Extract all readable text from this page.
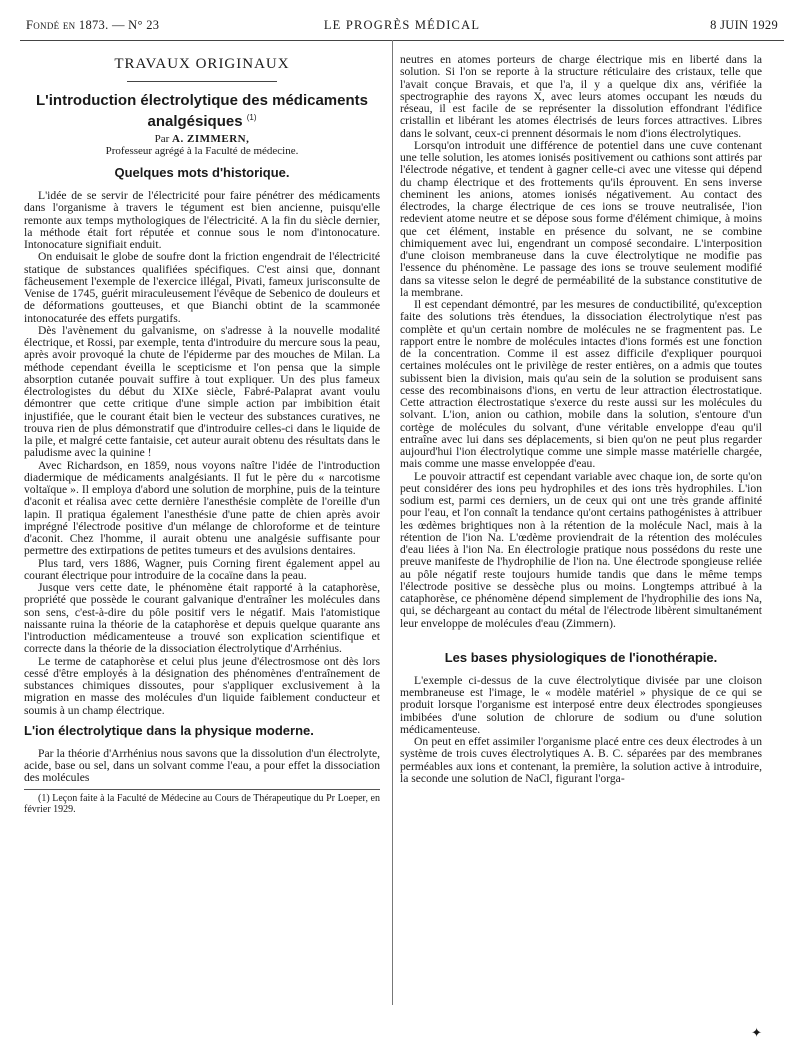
Fondé en 1873. — N° 23	LE PROGRÈS MÉDICAL	8 JUIN 1929
TRAVAUX ORIGINAUX
L'introduction électrolytique des médicaments analgésiques $^{(1)}$
Par A. ZIMMERN,
Professeur agrégé à la Faculté de médecine.
Quelques mots d'historique.

L'idée de se servir de l'électricité pour faire pénétrer des médicaments dans l'organisme à travers le tégument est bien ancienne, puisqu'elle remonte aux temps mythologiques de l'électricité. A la fin du siècle dernier, la méthode était fort réputée et connue sous le nom d'intonocature. Intonocature signifiait enduit.

On enduisait le globe de soufre dont la friction engendrait de l'électricité statique de substances qualifiées spécifiques. C'est ainsi que, donnant fâcheusement l'exemple de l'exercice illégal, Pivati, fameux jurisconsulte de Venise de 1745, guérit miraculeusement l'évêque de Sebenico de douleurs et de déformations goutteuses, et que Bianchi obtint de la scammonée intonocaturée des effets purgatifs.

Dès l'avènement du galvanisme, on s'adresse à la nouvelle modalité électrique, et Rossi, par exemple, tenta d'introduire du mercure sous la peau, après avoir provoqué la chute de l'épiderme par des mouches de Milan. La méthode cependant éveilla le scepticisme et l'on pensa que la simple absorption cutanée pouvait suffire à tout expliquer. Un des plus fameux électrologistes du début du XIXe siècle, Fabré-Palaprat avant voulu démontrer que cette critique d'une simple action par imbibition était injustifiée, que le courant était bien le vecteur des substances curatives, ne trouva rien de plus démonstratif que d'introduire celles-ci dans le liquide de la pile, et malgré cette fantaisie, cet auteur aurait obtenu des résultats dans le paludisme avec la quinine !

Avec Richardson, en 1859, nous voyons naître l'idée de l'introduction diadermique de médicaments analgésiants. Il fut le père du « narcotisme voltaïque ». Il employa d'abord une solution de morphine, puis de la teinture d'aconit et réalisa avec cette dernière l'anesthésie complète de l'oreille d'un lapin. Il pratiqua également l'anesthésie d'une patte de chien après avoir imprégné l'électrode positive d'un mélange de chloroforme et de teinture d'aconit. Chez l'homme, il aurait obtenu une analgésie suffisante pour permettre des extirpations de petites tumeurs et des avulsions dentaires.

Plus tard, vers 1886, Wagner, puis Corning firent également appel au courant électrique pour introduire de la cocaïne dans la peau.

Jusque vers cette date, le phénomène était rapporté à la cataphorèse, propriété que possède le courant galvanique d'entraîner les molécules dans son sens, c'est-à-dire du pôle positif vers le négatif. Mais l'atomistique naissante ruina la théorie de la cataphorèse et depuis quelque quarante ans l'introduction médicamenteuse a trouvé son explication scientifique et correcte dans la théorie de la dissociation électrolytique d'Arrhénius.

Le terme de cataphorèse et celui plus jeune d'électrosmose ont dès lors cessé d'être employés à la désignation des phénomènes d'entraînement de substances chimiques dissoutes, pour s'appliquer exclusivement à la migration en masse des molécules d'un liquide faiblement conducteur et soumis à un champ électrique.

L'ion électrolytique dans la physique moderne.

Par la théorie d'Arrhénius nous savons que la dissolution d'un électrolyte, acide, base ou sel, dans un solvant comme l'eau, a pour effet la dissociation des molécules

(1) Leçon faite à la Faculté de Médecine au Cours de Thérapeutique du Pr Loeper, en février 1929.

neutres en atomes porteurs de charge électrique mis en liberté dans la solution. Si l'on se reporte à la structure réticulaire des cristaux, telle que l'avait conçue Bravais, et que l'a, il y a quelque dix ans, vérifiée la spectrographie des rayons X, avec leurs atomes occupant les nœuds du réseau, il est facile de se représenter la dissolution effondrant l'édifice cristallin et libérant les atomes électrisés de leurs forces attractives. Libres dans le solvant, ceux-ci prennent désormais le nom d'ions électrolytiques.

Lorsqu'on introduit une différence de potentiel dans une cuve contenant une telle solution, les atomes ionisés positivement ou cathions sont attirés par l'électrode négative, et tendent à gagner celle-ci avec une vitesse qui dépend du champ électrique et des frottements qu'ils éprouvent. En sens inverse cheminent les anions, atomes ionisés négativement. Au contact des électrodes, la charge électrique de ces ions se trouve neutralisée, l'ion redevient atome neutre et se dépose sous forme d'élément chimique, à moins que cet élément, instable en présence du solvant, ne se combine chimiquement avec lui, engendrant un composé secondaire. L'interposition d'une cloison membraneuse dans la cuve électrolytique ne modifie pas l'essence du phénomène. Le passage des ions se trouve seulement modifié dans sa vitesse selon le degré de perméabilité de la substance constitutive de la membrane.

Il est cependant démontré, par les mesures de conductibilité, qu'exception faite des solutions très étendues, la dissociation électrolytique n'est pas complète et qu'un certain nombre de molécules ne se fragmentent pas. Le rapport entre le nombre de molécules intactes d'ions formés est une fonction de la concentration. Comme il est assez difficile d'expliquer pourquoi certaines molécules ont le privilège de rester entières, on a admis que toutes subissent bien la division, mais qu'au sein de la solution se produisent sans cesse des recombinaisons d'ions, en vertu de leur attraction électrostatique. Cette attraction électrostatique s'exerce du reste aussi sur les molécules du solvant. L'ion, anion ou cathion, mobile dans la solution, s'entoure d'un cortège de molécules du solvant, d'une véritable enveloppe d'eau qu'il entraîne avec lui dans ses déplacements, si bien qu'on ne peut plus regarder aujourd'hui l'ion électrolytique comme une simple masse matérielle chargée, mais comme une masse enveloppée d'eau.

Le pouvoir attractif est cependant variable avec chaque ion, de sorte qu'on peut considérer des ions peu hydrophiles et des ions très hydrophiles. L'ion sodium est, parmi ces derniers, un de ceux qui ont une très grande affinité pour l'eau, et l'on connaît la tendance qu'ont certains pathogénistes à attribuer les œdèmes brightiques non à la rétention de la molécule Nacl, mais à la rétention de l'ion Na. L'œdème proviendrait de la rétention des molécules d'eau liées à l'ion Na. En électrologie pratique nous possédons du reste une preuve manifeste de l'hydrophilie de l'ion na. Une électrode spongieuse reliée au pôle négatif reste toujours humide tandis que dans le même temps l'électrode positive se dessèche plus ou moins. Longtemps attribué à la cataphorèse, ce phénomène dépend simplement de l'hydrophilie des ions Na, qui, se déchargeant au contact du métal de l'électrode libèrent simultanément leur enveloppe de molécules d'eau (Zimmern).

Les bases physiologiques de l'ionothérapie.

L'exemple ci-dessus de la cuve électrolytique divisée par une cloison membraneuse est l'image, le « modèle matériel » physique de ce qui se produit lorsque l'organisme est interposé entre deux électrodes spongieuses imbibées d'une solution de chlorure de sodium ou d'une solution médicamenteuse.

On peut en effet assimiler l'organisme placé entre ces deux électrodes à un système de trois cuves électrolytiques A. B. C. séparées par des membranes perméables aux ions et contenant, la première, la solution active à introduire, la seconde une solution de NaCl, figurant l'orga-

✦
